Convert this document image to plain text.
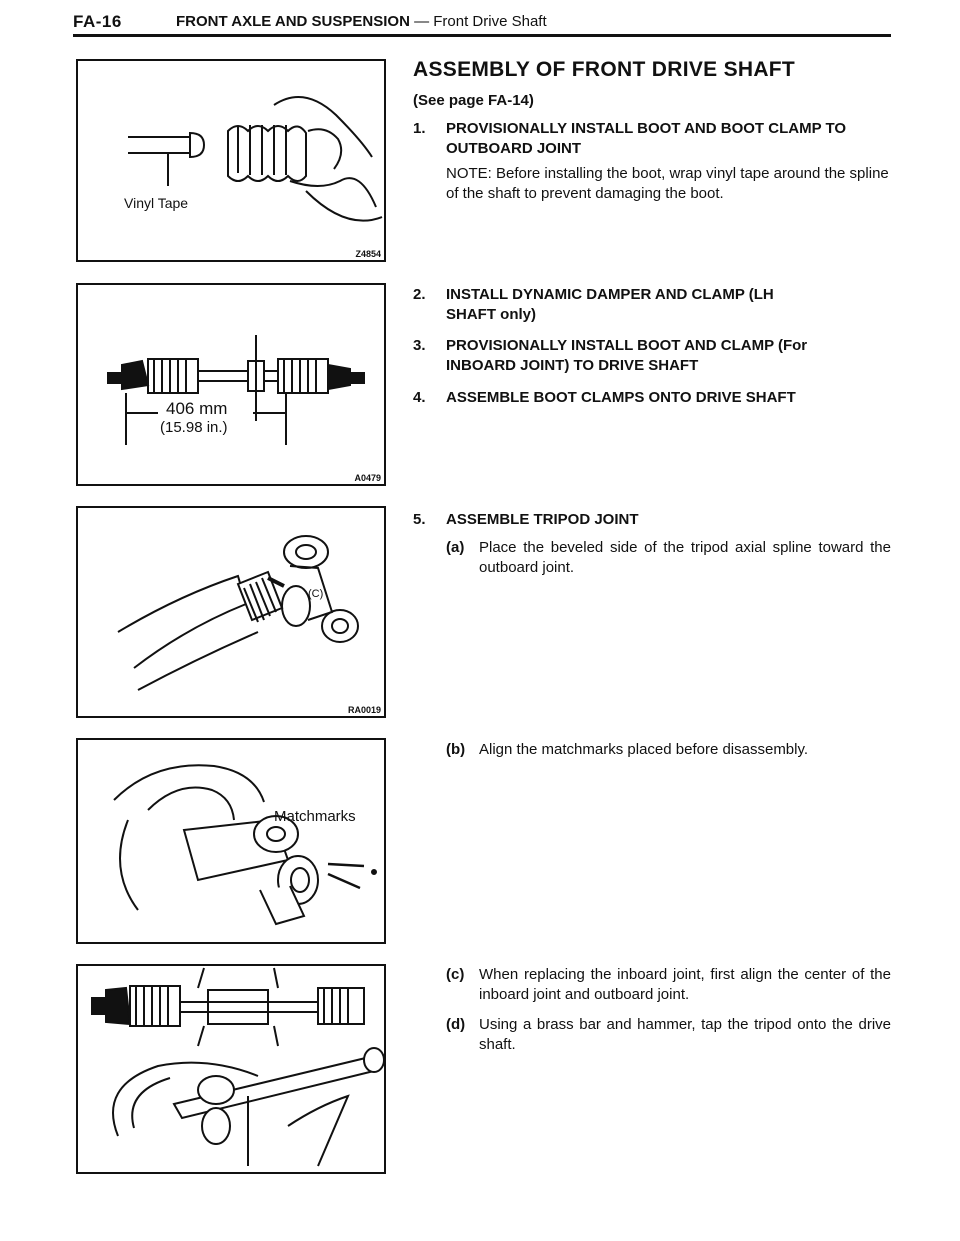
FA-16	FRONT AXLE AND SUSPENSION — Front Drive Shaft
Vinyl Tape
Z4854
406 mm
(15.98 in.)
A0479
(C)
RA0019
Matchmarks
ASSEMBLY OF FRONT DRIVE SHAFT
(See page FA-14)
1. PROVISIONALLY INSTALL BOOT AND BOOT CLAMP TO OUTBOARD JOINT
NOTE: Before installing the boot, wrap vinyl tape around the spline of the shaft to prevent damaging the boot.
2. INSTALL DYNAMIC DAMPER AND CLAMP (LH SHAFT only)
3. PROVISIONALLY INSTALL BOOT AND CLAMP (For INBOARD JOINT) TO DRIVE SHAFT
4. ASSEMBLE BOOT CLAMPS ONTO DRIVE SHAFT
5. ASSEMBLE TRIPOD JOINT
(a) Place the beveled side of the tripod axial spline toward the outboard joint.
(b) Align the matchmarks placed before disassembly.
(c) When replacing the inboard joint, first align the center of the inboard joint and outboard joint.
(d) Using a brass bar and hammer, tap the tripod onto the drive shaft.
